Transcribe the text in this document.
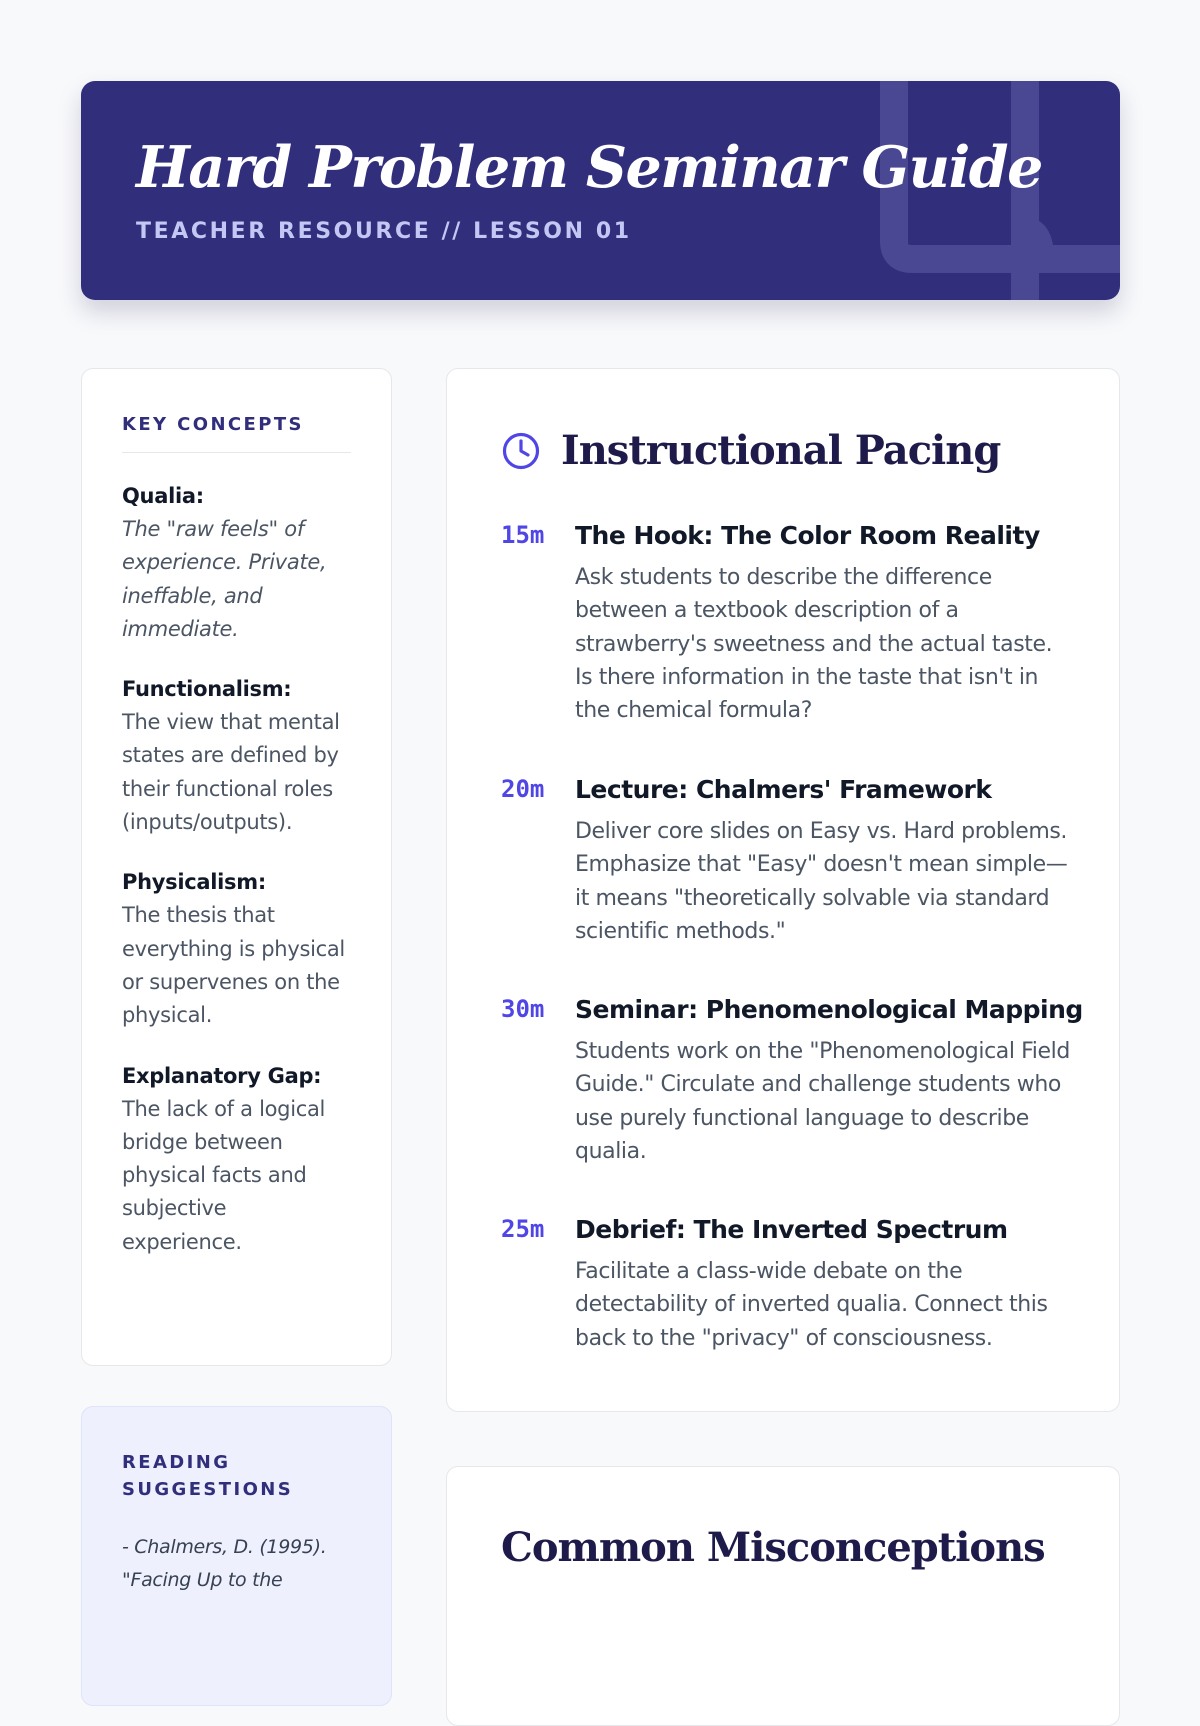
Hard Problem Seminar Guide
TEACHER RESOURCE // LESSON 01
KEY CONCEPTS
Qualia:
The "raw feels" of experience. Private, ineffable, and immediate.
Functionalism:
The view that mental states are defined by their functional roles (inputs/outputs).
Physicalism:
The thesis that everything is physical or supervenes on the physical.
Explanatory Gap:
The lack of a logical bridge between physical facts and subjective experience.
READING SUGGESTIONS
- Chalmers, D. (1995). "Facing Up to the
Instructional Pacing
15m The Hook: The Color Room Reality
Ask students to describe the difference between a textbook description of a strawberry's sweetness and the actual taste. Is there information in the taste that isn't in the chemical formula?
20m Lecture: Chalmers' Framework
Deliver core slides on Easy vs. Hard problems. Emphasize that "Easy" doesn't mean simple—it means "theoretically solvable via standard scientific methods."
30m Seminar: Phenomenological Mapping
Students work on the "Phenomenological Field Guide." Circulate and challenge students who use purely functional language to describe qualia.
25m Debrief: The Inverted Spectrum
Facilitate a class-wide debate on the detectability of inverted qualia. Connect this back to the "privacy" of consciousness.
Common Misconceptions
